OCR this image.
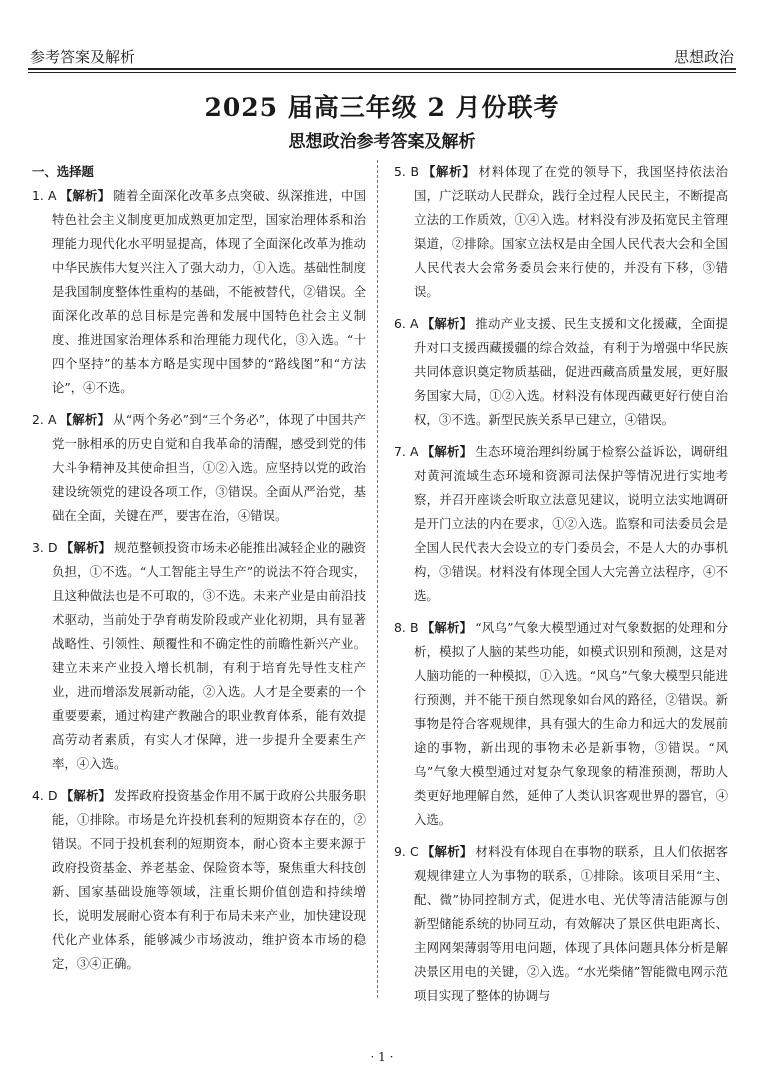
参考答案及解析	思想政治
2025 届高三年级 2 月份联考
思想政治参考答案及解析
一、选择题
1. A 【解析】 随着全面深化改革多点突破、纵深推进，中国特色社会主义制度更加成熟更加定型，国家治理体系和治理能力现代化水平明显提高，体现了全面深化改革为推动中华民族伟大复兴注入了强大动力，①入选。基础性制度是我国制度整体性重构的基础，不能被替代，②错误。全面深化改革的总目标是完善和发展中国特色社会主义制度、推进国家治理体系和治理能力现代化，③入选。“十四个坚持”的基本方略是实现中国梦的“路线图”和“方法论”，④不选。
2. A 【解析】 从“两个务必”到“三个务必”，体现了中国共产党一脉相承的历史自觉和自我革命的清醒，感受到党的伟大斗争精神及其使命担当，①②入选。应坚持以党的政治建设统领党的建设各项工作，③错误。全面从严治党，基础在全面，关键在严，要害在治，④错误。
3. D 【解析】 规范整顿投资市场未必能推出减轻企业的融资负担，①不选。“人工智能主导生产”的说法不符合现实，且这种做法也是不可取的，③不选。未来产业是由前沿技术驱动，当前处于孕育萌发阶段或产业化初期，具有显著战略性、引领性、颠覆性和不确定性的前瞻性新兴产业。建立未来产业投入增长机制，有利于培育先导性支柱产业，进而增添发展新动能，②入选。人才是全要素的一个重要要素，通过构建产教融合的职业教育体系，能有效提高劳动者素质，有实人才保障，进一步提升全要素生产率，④入选。
4. D 【解析】 发挥政府投资基金作用不属于政府公共服务职能，①排除。市场是允许投机套利的短期资本存在的，②错误。不同于投机套利的短期资本，耐心资本主要来源于政府投资基金、养老基金、保险资本等，聚焦重大科技创新、国家基础设施等领域，注重长期价值创造和持续增长，说明发展耐心资本有利于布局未来产业，加快建设现代化产业体系，能够减少市场波动，维护资本市场的稳定，③④正确。
5. B 【解析】 材料体现了在党的领导下，我国坚持依法治国，广泛联动人民群众，践行全过程人民民主，不断提高立法的工作质效，①④入选。材料没有涉及拓宽民主管理渠道，②排除。国家立法权是由全国人民代表大会和全国人民代表大会常务委员会来行使的，并没有下移，③错误。
6. A 【解析】 推动产业支援、民生支援和文化援藏，全面提升对口支援西藏援疆的综合效益，有利于为增强中华民族共同体意识奠定物质基础，促进西藏高质量发展，更好服务国家大局，①②入选。材料没有体现西藏更好行使自治权，③不选。新型民族关系早已建立，④错误。
7. A 【解析】 生态环境治理纠纷属于检察公益诉讼，调研组对黄河流域生态环境和资源司法保护等情况进行实地考察，并召开座谈会听取立法意见建议，说明立法实地调研是开门立法的内在要求，①②入选。监察和司法委员会是全国人民代表大会设立的专门委员会，不是人大的办事机构，③错误。材料没有体现全国人大完善立法程序，④不选。
8. B 【解析】 “风乌”气象大模型通过对气象数据的处理和分析，模拟了人脑的某些功能，如模式识别和预测，这是对人脑功能的一种模拟，①入选。“风乌”气象大模型只能进行预测，并不能干预自然现象如台风的路径，②错误。新事物是符合客观规律，具有强大的生命力和远大的发展前途的事物，新出现的事物未必是新事物，③错误。“风乌”气象大模型通过对复杂气象现象的精准预测，帮助人类更好地理解自然，延伸了人类认识客观世界的器官，④入选。
9. C 【解析】 材料没有体现自在事物的联系，且人们依据客观规律建立人为事物的联系，①排除。该项目采用“主、配、微”协同控制方式，促进水电、光伏等清洁能源与创新型储能系统的协同互动，有效解决了景区供电距离长、主网网架薄弱等用电问题，体现了具体问题具体分析是解决景区用电的关键，②入选。“水光柴储”智能微电网示范项目实现了整体的协调与
· 1 ·
